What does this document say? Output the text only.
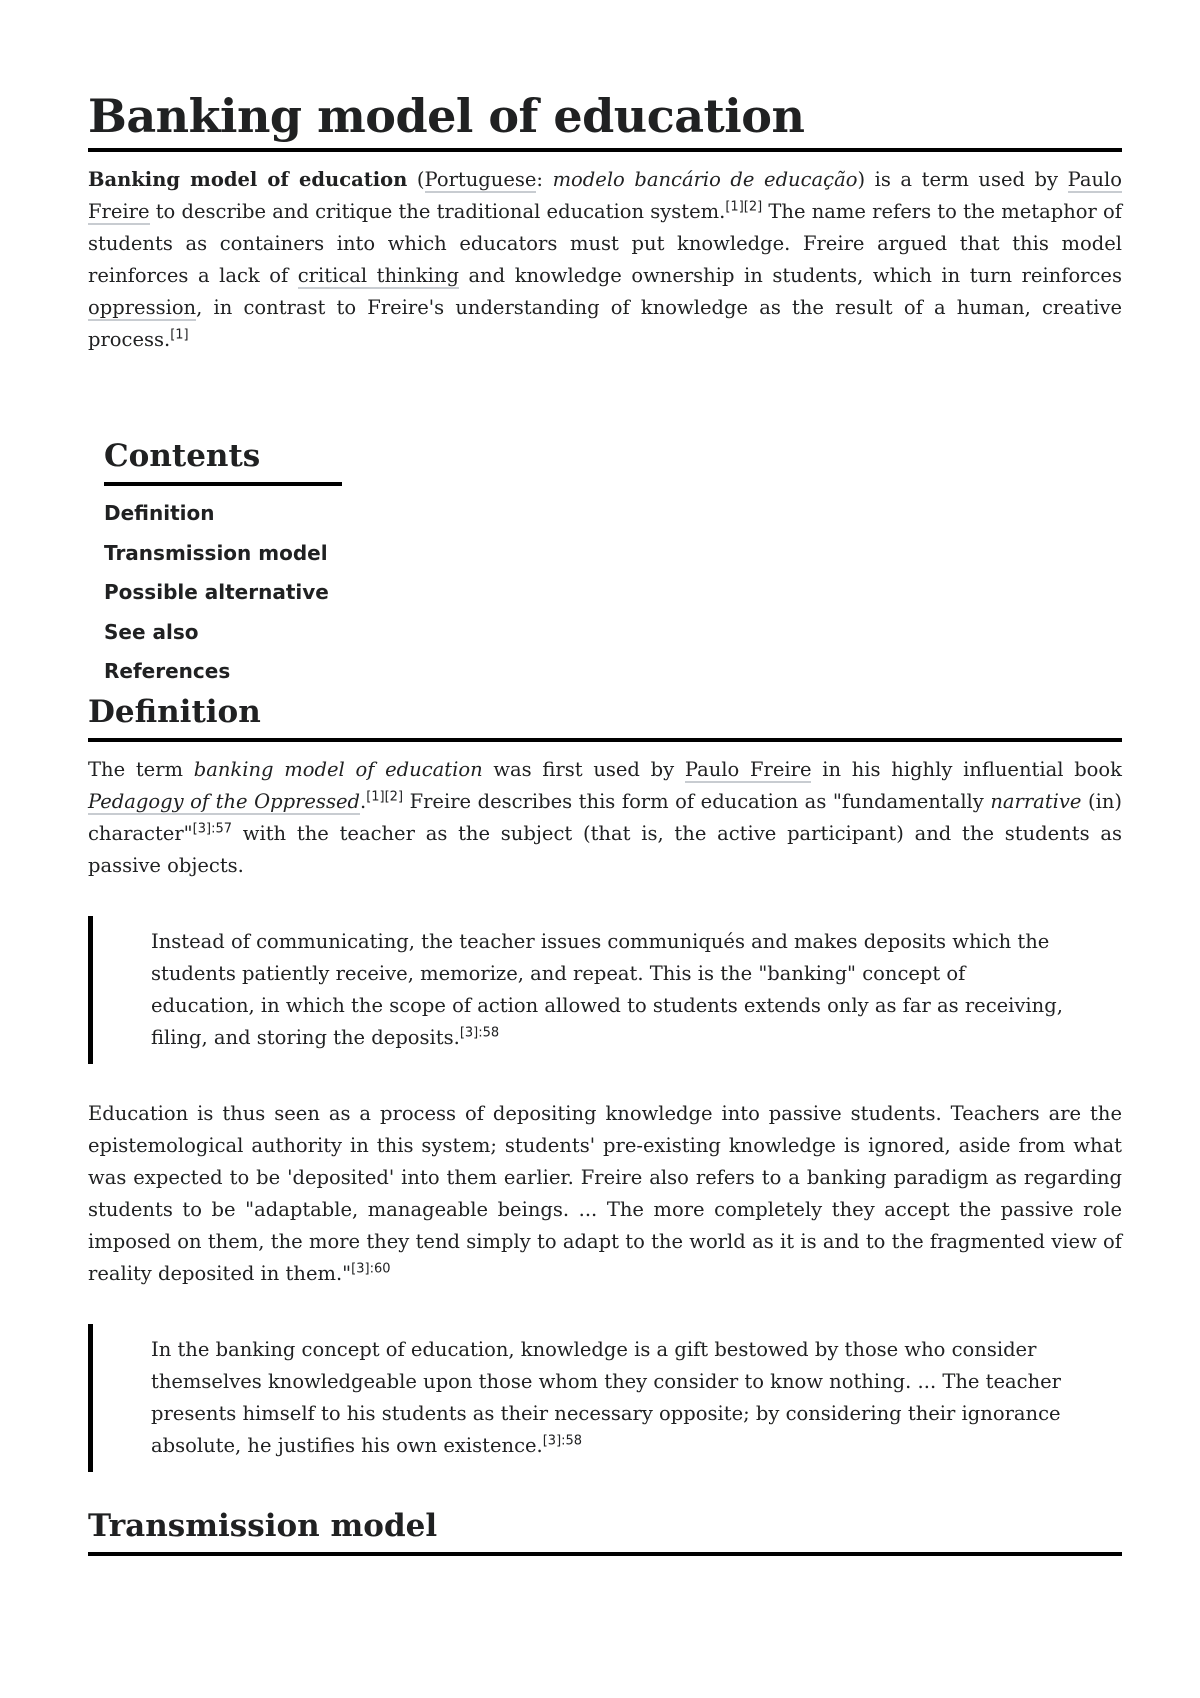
Banking model of education

Banking model of education (Portuguese: modelo bancário de educação) is a term used by Paulo Freire to describe and critique the traditional education system.[1][2] The name refers to the metaphor of students as containers into which educators must put knowledge. Freire argued that this model reinforces a lack of critical thinking and knowledge ownership in students, which in turn reinforces oppression, in contrast to Freire's understanding of knowledge as the result of a human, creative process.[1]

Contents
Definition
Transmission model
Possible alternative
See also
References
Definition

The term banking model of education was first used by Paulo Freire in his highly influential book Pedagogy of the Oppressed.[1][2] Freire describes this form of education as "fundamentally narrative (in) character"$^{[3]:57}$ with the teacher as the subject (that is, the active participant) and the students as passive objects.

Instead of communicating, the teacher issues communiqués and makes deposits which the students patiently receive, memorize, and repeat. This is the "banking" concept of education, in which the scope of action allowed to students extends only as far as receiving, filing, and storing the deposits.$^{[3]:58}$

Education is thus seen as a process of depositing knowledge into passive students. Teachers are the epistemological authority in this system; students' pre-existing knowledge is ignored, aside from what was expected to be 'deposited' into them earlier. Freire also refers to a banking paradigm as regarding students to be "adaptable, manageable beings. ... The more completely they accept the passive role imposed on them, the more they tend simply to adapt to the world as it is and to the fragmented view of reality deposited in them."$^{[3]:60}$

In the banking concept of education, knowledge is a gift bestowed by those who consider themselves knowledgeable upon those whom they consider to know nothing. ... The teacher presents himself to his students as their necessary opposite; by considering their ignorance absolute, he justifies his own existence.$^{[3]:58}$

Transmission model
